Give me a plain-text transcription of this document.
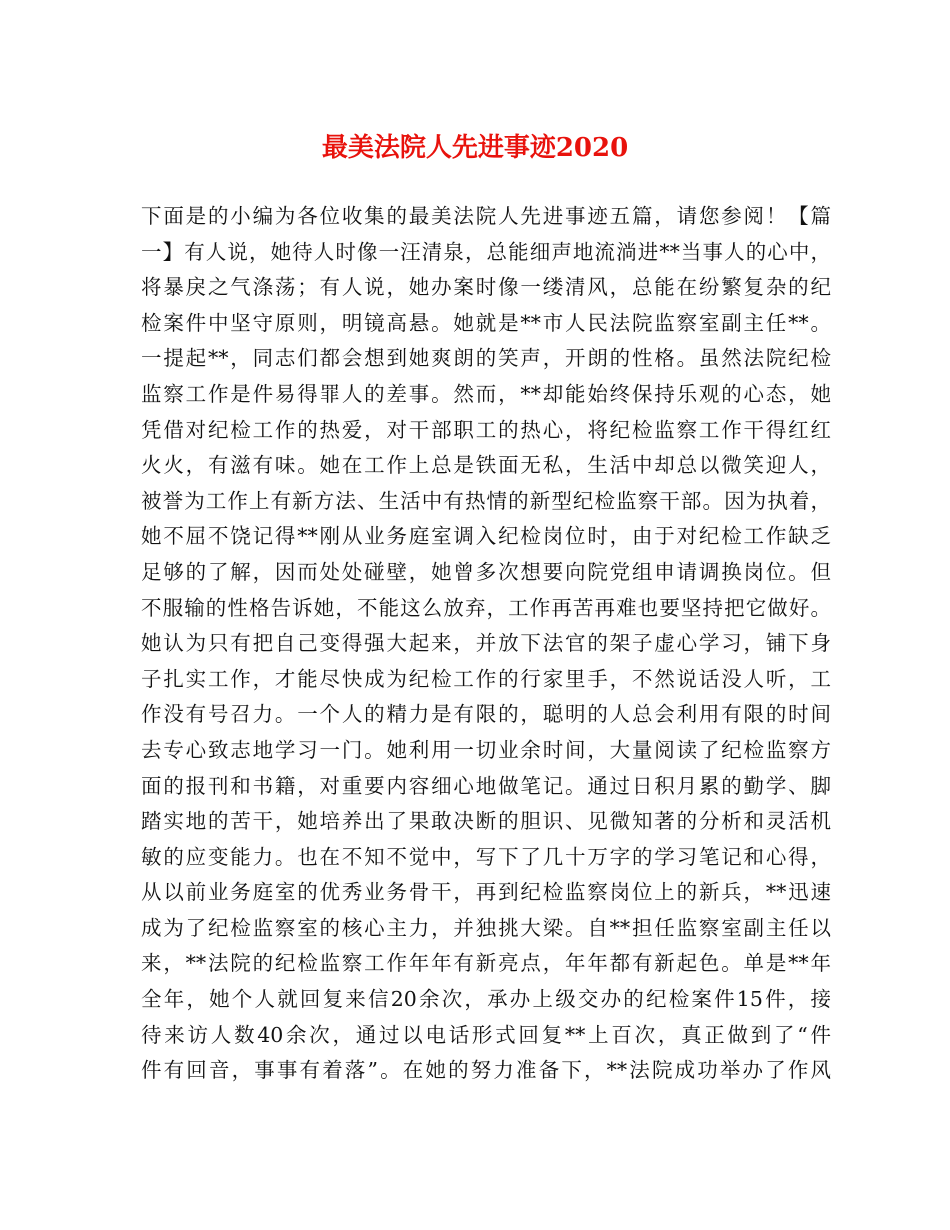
最美法院人先进事迹2020
下面是的小编为各位收集的最美法院人先进事迹五篇，请您参阅！【篇
一】有人说，她待人时像一汪清泉，总能细声地流淌进**当事人的心中，
将暴戾之气涤荡；有人说，她办案时像一缕清风，总能在纷繁复杂的纪
检案件中坚守原则，明镜高悬。她就是**市人民法院监察室副主任**。
一提起**，同志们都会想到她爽朗的笑声，开朗的性格。虽然法院纪检
监察工作是件易得罪人的差事。然而，**却能始终保持乐观的心态，她
凭借对纪检工作的热爱，对干部职工的热心，将纪检监察工作干得红红
火火，有滋有味。她在工作上总是铁面无私，生活中却总以微笑迎人，
被誉为工作上有新方法、生活中有热情的新型纪检监察干部。因为执着，
她不屈不饶记得**刚从业务庭室调入纪检岗位时，由于对纪检工作缺乏
足够的了解，因而处处碰壁，她曾多次想要向院党组申请调换岗位。但
不服输的性格告诉她，不能这么放弃，工作再苦再难也要坚持把它做好。
她认为只有把自己变得强大起来，并放下法官的架子虚心学习，铺下身
子扎实工作，才能尽快成为纪检工作的行家里手，不然说话没人听，工
作没有号召力。一个人的精力是有限的，聪明的人总会利用有限的时间
去专心致志地学习一门。她利用一切业余时间，大量阅读了纪检监察方
面的报刊和书籍，对重要内容细心地做笔记。通过日积月累的勤学、脚
踏实地的苦干，她培养出了果敢决断的胆识、见微知著的分析和灵活机
敏的应变能力。也在不知不觉中，写下了几十万字的学习笔记和心得，
从以前业务庭室的优秀业务骨干，再到纪检监察岗位上的新兵，**迅速
成为了纪检监察室的核心主力，并独挑大梁。自**担任监察室副主任以
来，**法院的纪检监察工作年年有新亮点，年年都有新起色。单是**年
全年，她个人就回复来信20余次，承办上级交办的纪检案件15件，接
待来访人数40余次，通过以电话形式回复**上百次，真正做到了“件
件有回音，事事有着落”。在她的努力准备下，**法院成功举办了作风
